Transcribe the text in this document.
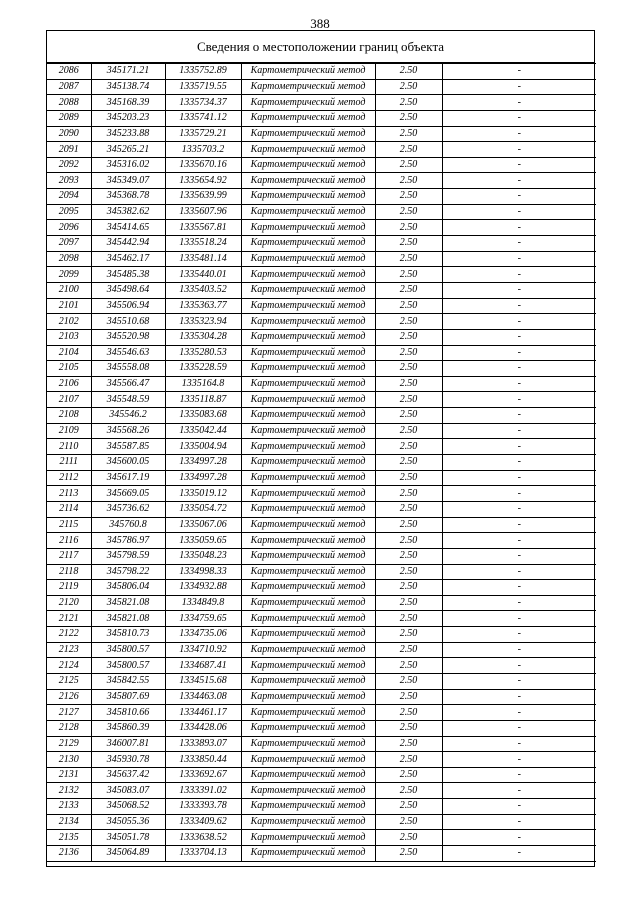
388
Сведения о местоположении границ объекта
2086	345171.21	1335752.89	Картометрический метод	2.50	-
2087	345138.74	1335719.55	Картометрический метод	2.50	-
2088	345168.39	1335734.37	Картометрический метод	2.50	-
2089	345203.23	1335741.12	Картометрический метод	2.50	-
2090	345233.88	1335729.21	Картометрический метод	2.50	-
2091	345265.21	1335703.2	Картометрический метод	2.50	-
2092	345316.02	1335670.16	Картометрический метод	2.50	-
2093	345349.07	1335654.92	Картометрический метод	2.50	-
2094	345368.78	1335639.99	Картометрический метод	2.50	-
2095	345382.62	1335607.96	Картометрический метод	2.50	-
2096	345414.65	1335567.81	Картометрический метод	2.50	-
2097	345442.94	1335518.24	Картометрический метод	2.50	-
2098	345462.17	1335481.14	Картометрический метод	2.50	-
2099	345485.38	1335440.01	Картометрический метод	2.50	-
2100	345498.64	1335403.52	Картометрический метод	2.50	-
2101	345506.94	1335363.77	Картометрический метод	2.50	-
2102	345510.68	1335323.94	Картометрический метод	2.50	-
2103	345520.98	1335304.28	Картометрический метод	2.50	-
2104	345546.63	1335280.53	Картометрический метод	2.50	-
2105	345558.08	1335228.59	Картометрический метод	2.50	-
2106	345566.47	1335164.8	Картометрический метод	2.50	-
2107	345548.59	1335118.87	Картометрический метод	2.50	-
2108	345546.2	1335083.68	Картометрический метод	2.50	-
2109	345568.26	1335042.44	Картометрический метод	2.50	-
2110	345587.85	1335004.94	Картометрический метод	2.50	-
2111	345600.05	1334997.28	Картометрический метод	2.50	-
2112	345617.19	1334997.28	Картометрический метод	2.50	-
2113	345669.05	1335019.12	Картометрический метод	2.50	-
2114	345736.62	1335054.72	Картометрический метод	2.50	-
2115	345760.8	1335067.06	Картометрический метод	2.50	-
2116	345786.97	1335059.65	Картометрический метод	2.50	-
2117	345798.59	1335048.23	Картометрический метод	2.50	-
2118	345798.22	1334998.33	Картометрический метод	2.50	-
2119	345806.04	1334932.88	Картометрический метод	2.50	-
2120	345821.08	1334849.8	Картометрический метод	2.50	-
2121	345821.08	1334759.65	Картометрический метод	2.50	-
2122	345810.73	1334735.06	Картометрический метод	2.50	-
2123	345800.57	1334710.92	Картометрический метод	2.50	-
2124	345800.57	1334687.41	Картометрический метод	2.50	-
2125	345842.55	1334515.68	Картометрический метод	2.50	-
2126	345807.69	1334463.08	Картометрический метод	2.50	-
2127	345810.66	1334461.17	Картометрический метод	2.50	-
2128	345860.39	1334428.06	Картометрический метод	2.50	-
2129	346007.81	1333893.07	Картометрический метод	2.50	-
2130	345930.78	1333850.44	Картометрический метод	2.50	-
2131	345637.42	1333692.67	Картометрический метод	2.50	-
2132	345083.07	1333391.02	Картометрический метод	2.50	-
2133	345068.52	1333393.78	Картометрический метод	2.50	-
2134	345055.36	1333409.62	Картометрический метод	2.50	-
2135	345051.78	1333638.52	Картометрический метод	2.50	-
2136	345064.89	1333704.13	Картометрический метод	2.50	-
